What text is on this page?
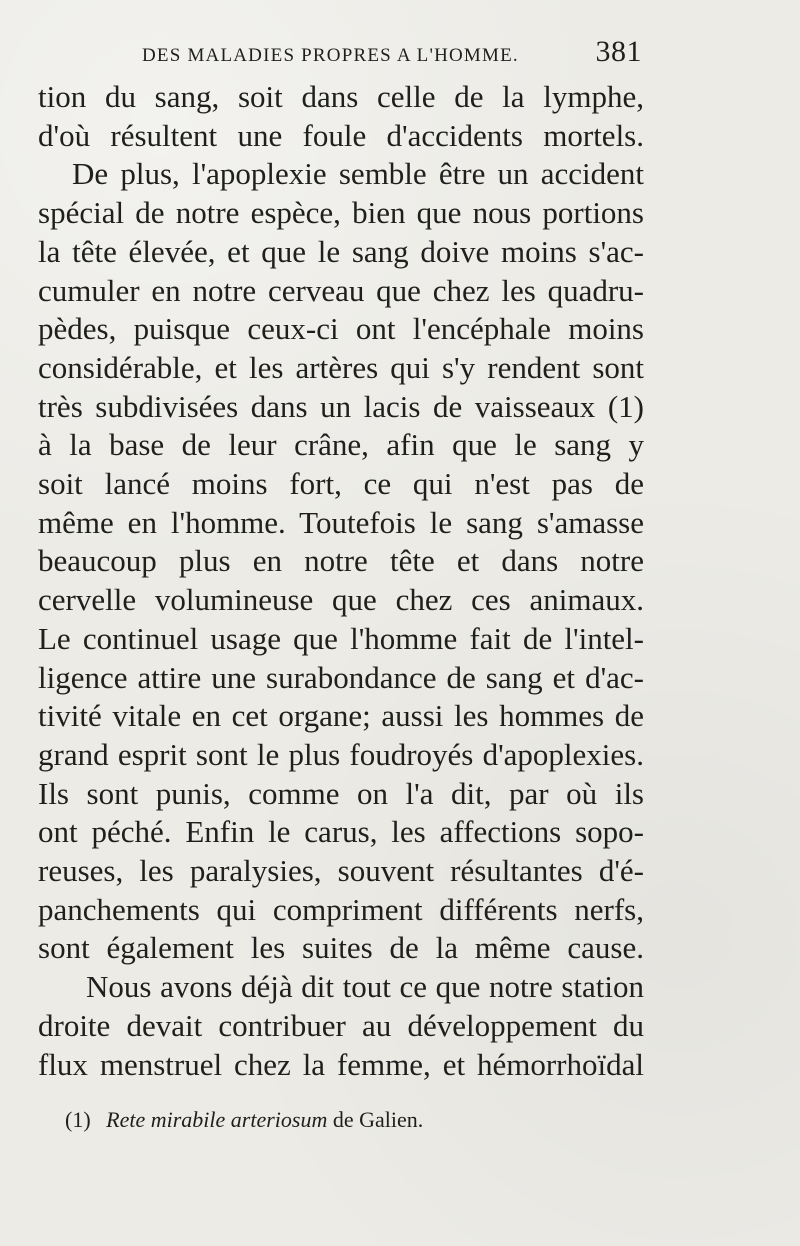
DES MALADIES PROPRES A L'HOMME.	381
tion du sang, soit dans celle de la lymphe,
d'où résultent une foule d'accidents mortels.
De plus, l'apoplexie semble être un accident
spécial de notre espèce, bien que nous portions
la tête élevée, et que le sang doive moins s'ac-
cumuler en notre cerveau que chez les quadru-
pèdes, puisque ceux-ci ont l'encéphale moins
considérable, et les artères qui s'y rendent sont
très subdivisées dans un lacis de vaisseaux (1)
à la base de leur crâne, afin que le sang y
soit lancé moins fort, ce qui n'est pas de
même en l'homme. Toutefois le sang s'amasse
beaucoup plus en notre tête et dans notre
cervelle volumineuse que chez ces animaux.
Le continuel usage que l'homme fait de l'intel-
ligence attire une surabondance de sang et d'ac-
tivité vitale en cet organe; aussi les hommes de
grand esprit sont le plus foudroyés d'apoplexies.
Ils sont punis, comme on l'a dit, par où ils
ont péché. Enfin le carus, les affections sopo-
reuses, les paralysies, souvent résultantes d'é-
panchements qui compriment différents nerfs,
sont également les suites de la même cause.
Nous avons déjà dit tout ce que notre station
droite devait contribuer au développement du
flux menstruel chez la femme, et hémorrhoïdal
(1) Rete mirabile arteriosum de Galien.
